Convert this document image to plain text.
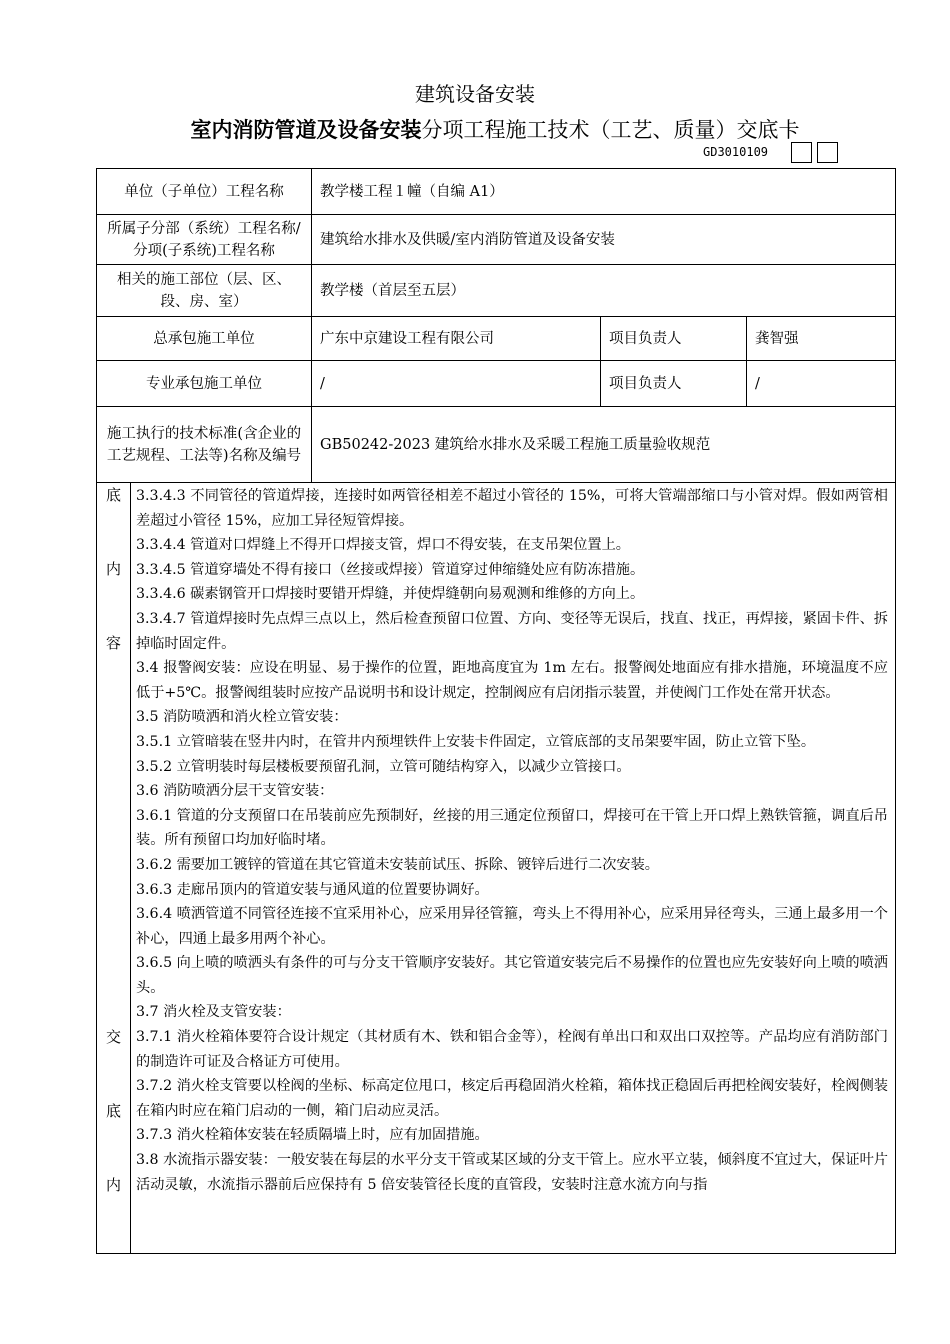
建筑设备安装
室内消防管道及设备安装分项工程施工技术（工艺、质量）交底卡
GD3010109
单位（子单位）工程名称	教学楼工程１幢（自编 A1）		
所属子分部（系统）工程名称/分项(子系统)工程名称	建筑给水排水及供暖/室内消防管道及设备安装		
相关的施工部位（层、区、段、房、室）	教学楼（首层至五层）		
总承包施工单位	广东中京建设工程有限公司	项目负责人	龚智强
专业承包施工单位	/	项目负责人	/
施工执行的技术标准(含企业的工艺规程、工法等)名称及编号	GB50242-2023 建筑给水排水及采暖工程施工质量验收规范		
底
内
容
交
底
内

3.3.4.3 不同管径的管道焊接，连接时如两管径相差不超过小管径的 15%，可将大管端部缩口与小管对焊。假如两管相差超过小管径 15%，应加工异径短管焊接。

3.3.4.4 管道对口焊缝上不得开口焊接支管，焊口不得安装，在支吊架位置上。

3.3.4.5 管道穿墙处不得有接口（丝接或焊接）管道穿过伸缩缝处应有防冻措施。

3.3.4.6 碳素钢管开口焊接时要错开焊缝，并使焊缝朝向易观测和维修的方向上。

3.3.4.7 管道焊接时先点焊三点以上，然后检查预留口位置、方向、变径等无误后，找直、找正，再焊接，紧固卡件、拆掉临时固定件。

3.4 报警阀安装：应设在明显、易于操作的位置，距地高度宜为 1m 左右。报警阀处地面应有排水措施，环境温度不应低于+5℃。报警阀组装时应按产品说明书和设计规定，控制阀应有启闭指示装置，并使阀门工作处在常开状态。

3.5 消防喷洒和消火栓立管安装：

3.5.1 立管暗装在竖井内时，在管井内预埋铁件上安装卡件固定，立管底部的支吊架要牢固，防止立管下坠。

3.5.2 立管明装时每层楼板要预留孔洞，立管可随结构穿入，以减少立管接口。

3.6 消防喷洒分层干支管安装：

3.6.1 管道的分支预留口在吊装前应先预制好，丝接的用三通定位预留口，焊接可在干管上开口焊上熟铁管箍，调直后吊装。所有预留口均加好临时堵。

3.6.2 需要加工镀锌的管道在其它管道未安装前试压、拆除、镀锌后进行二次安装。

3.6.3 走廊吊顶内的管道安装与通风道的位置要协调好。

3.6.4 喷洒管道不同管径连接不宜采用补心，应采用异径管箍，弯头上不得用补心，应采用异径弯头，三通上最多用一个补心，四通上最多用两个补心。

3.6.5 向上喷的喷洒头有条件的可与分支干管顺序安装好。其它管道安装完后不易操作的位置也应先安装好向上喷的喷洒头。

3.7 消火栓及支管安装：

3.7.1 消火栓箱体要符合设计规定（其材质有木、铁和铝合金等），栓阀有单出口和双出口双控等。产品均应有消防部门的制造许可证及合格证方可使用。

3.7.2 消火栓支管要以栓阀的坐标、标高定位甩口，核定后再稳固消火栓箱，箱体找正稳固后再把栓阀安装好，栓阀侧装在箱内时应在箱门启动的一侧，箱门启动应灵活。

3.7.3 消火栓箱体安装在轻质隔墙上时，应有加固措施。

3.8 水流指示器安装：一般安装在每层的水平分支干管或某区域的分支干管上。应水平立装，倾斜度不宜过大，保证叶片活动灵敏，水流指示器前后应保持有 5 倍安装管径长度的直管段，安装时注意水流方向与指
